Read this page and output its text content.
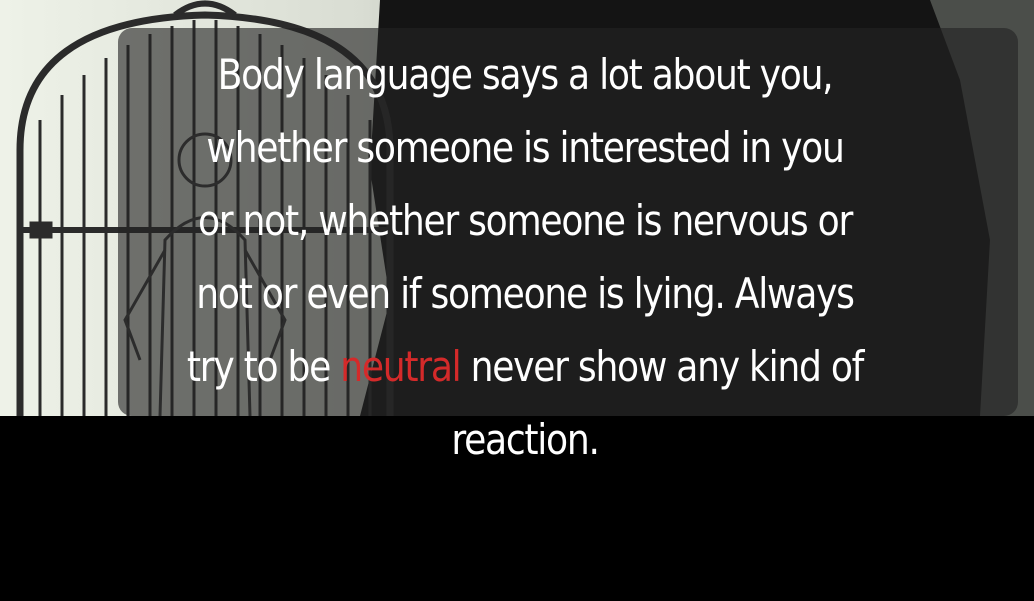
Body language says a lot about you,
whether someone is interested in you
or not, whether someone is nervous or
not or even if someone is lying. Always
try to be neutral never show any kind of
reaction.
